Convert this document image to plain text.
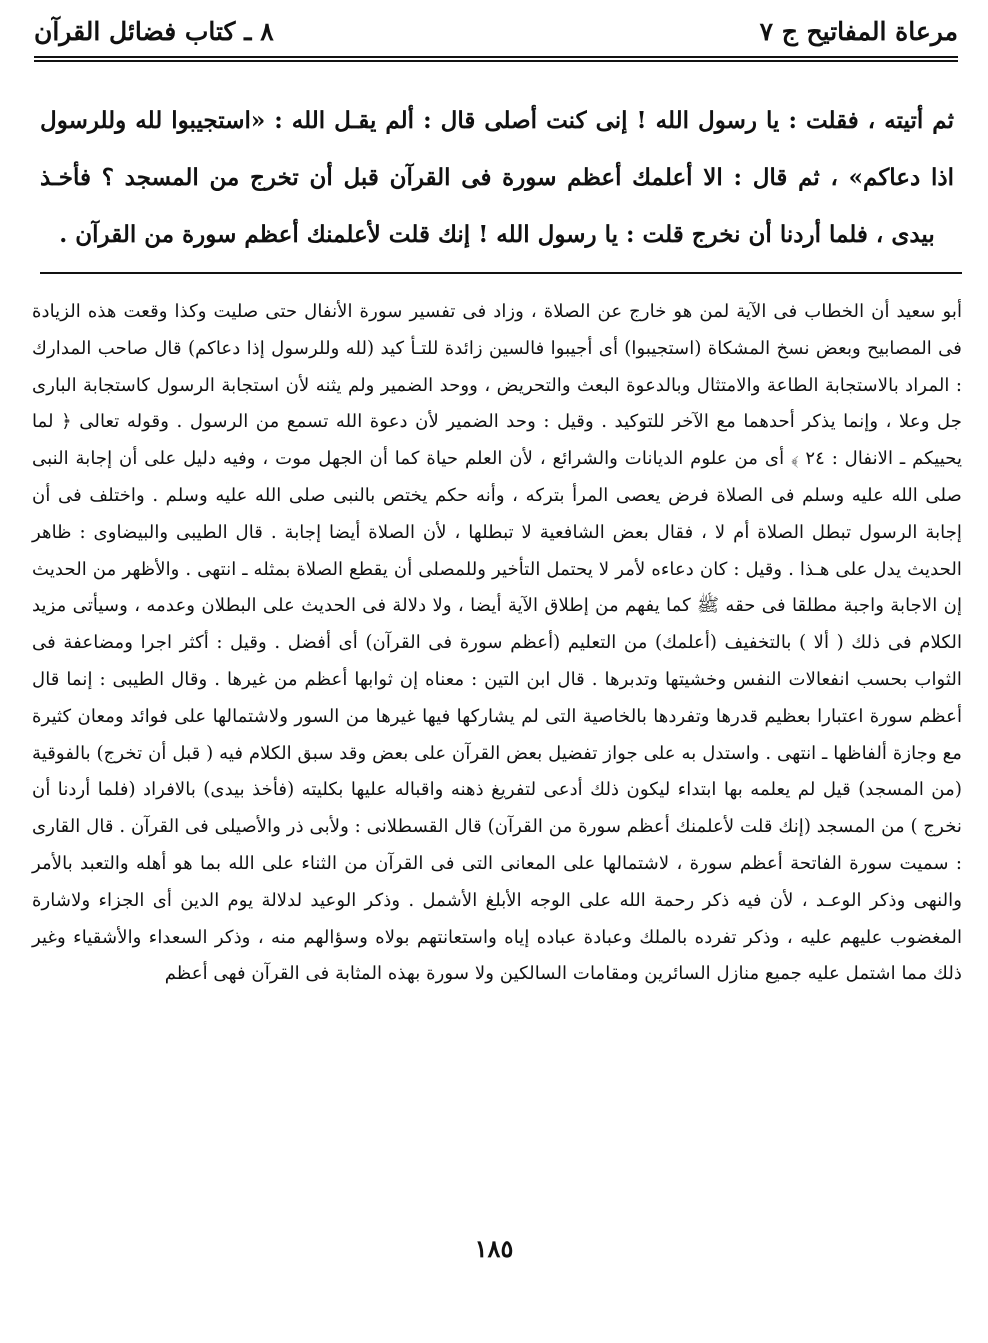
مرعاة المفاتيح ج ٧
٨ ـ كتاب فضائل القرآن
ثم أتيته ، فقلت : يا رسول الله ! إنى كنت أصلى قال : ألم يقـل الله : «استجيبوا لله وللرسول اذا دعاكم» ، ثم قال : الا أعلمك أعظم سورة فى القرآن قبل أن تخرج من المسجد ؟ فأخـذ بيدى ، فلما أردنا أن نخرج قلت : يا رسول الله ! إنك قلت لأعلمنك أعظم سورة من القرآن .
أبو سعيد أن الخطاب فى الآية لمن هو خارج عن الصلاة ، وزاد فى تفسير سورة الأنفال حتى صليت وكذا وقعت هذه الزيادة فى المصابيح وبعض نسخ المشكاة (استجيبوا) أى أجيبوا فالسين زائدة للتـأ كيد (لله وللرسول إذا دعاكم) قال صاحب المدارك : المراد بالاستجابة الطاعة والامتثال وبالدعوة البعث والتحريض ، ووحد الضمير ولم يثنه لأن استجابة الرسول كاستجابة البارى جل وعلا ، وإنما يذكر أحدهما مع الآخر للتوكيد . وقيل : وحد الضمير لأن دعوة الله تسمع من الرسول . وقوله تعالى ﴿ لما يحييكم ـ الانفال : ٢٤ ﴾ أى من علوم الديانات والشرائع ، لأن العلم حياة كما أن الجهل موت ، وفيه دليل على أن إجابة النبى صلى الله عليه وسلم فى الصلاة فرض يعصى المرأ بتركه ، وأنه حكم يختص بالنبى صلى الله عليه وسلم . واختلف فى أن إجابة الرسول تبطل الصلاة أم لا ، فقال بعض الشافعية لا تبطلها ، لأن الصلاة أيضا إجابة . قال الطيبى والبيضاوى : ظاهر الحديث يدل على هـذا . وقيل : كان دعاءه لأمر لا يحتمل التأخير وللمصلى أن يقطع الصلاة بمثله ـ انتهى . والأظهر من الحديث إن الاجابة واجبة مطلقا فى حقه ﷺ كما يفهم من إطلاق الآية أيضا ، ولا دلالة فى الحديث على البطلان وعدمه ، وسيأتى مزيد الكلام فى ذلك ( ألا ) بالتخفيف (أعلمك) من التعليم (أعظم سورة فى القرآن) أى أفضل . وقيل : أكثر اجرا ومضاعفة فى الثواب بحسب انفعالات النفس وخشيتها وتدبرها . قال ابن التين : معناه إن ثوابها أعظم من غيرها . وقال الطيبى : إنما قال أعظم سورة اعتبارا بعظيم قدرها وتفردها بالخاصية التى لم يشاركها فيها غيرها من السور ولاشتمالها على فوائد ومعان كثيرة مع وجازة ألفاظها ـ انتهى . واستدل به على جواز تفضيل بعض القرآن على بعض وقد سبق الكلام فيه ( قبل أن تخرج) بالفوقية (من المسجد) قيل لم يعلمه بها ابتداء ليكون ذلك أدعى لتفريغ ذهنه واقباله عليها بكليته (فأخذ بيدى) بالافراد (فلما أردنا أن نخرج ) من المسجد (إنك قلت لأعلمنك أعظم سورة من القرآن) قال القسطلانى : ولأبى ذر والأصيلى فى القرآن . قال القارى : سميت سورة الفاتحة أعظم سورة ، لاشتمالها على المعانى التى فى القرآن من الثناء على الله بما هو أهله والتعبد بالأمر والنهى وذكر الوعـد ، لأن فيه ذكر رحمة الله على الوجه الأبلغ الأشمل . وذكر الوعيد لدلالة يوم الدين أى الجزاء ولاشارة المغضوب عليهم عليه ، وذكر تفرده بالملك وعبادة عباده إياه واستعانتهم بولاه وسؤالهم منه ، وذكر السعداء والأشقياء وغير ذلك مما اشتمل عليه جميع منازل السائرين ومقامات السالكين ولا سورة بهذه المثابة فى القرآن فهى أعظم
١٨٥
